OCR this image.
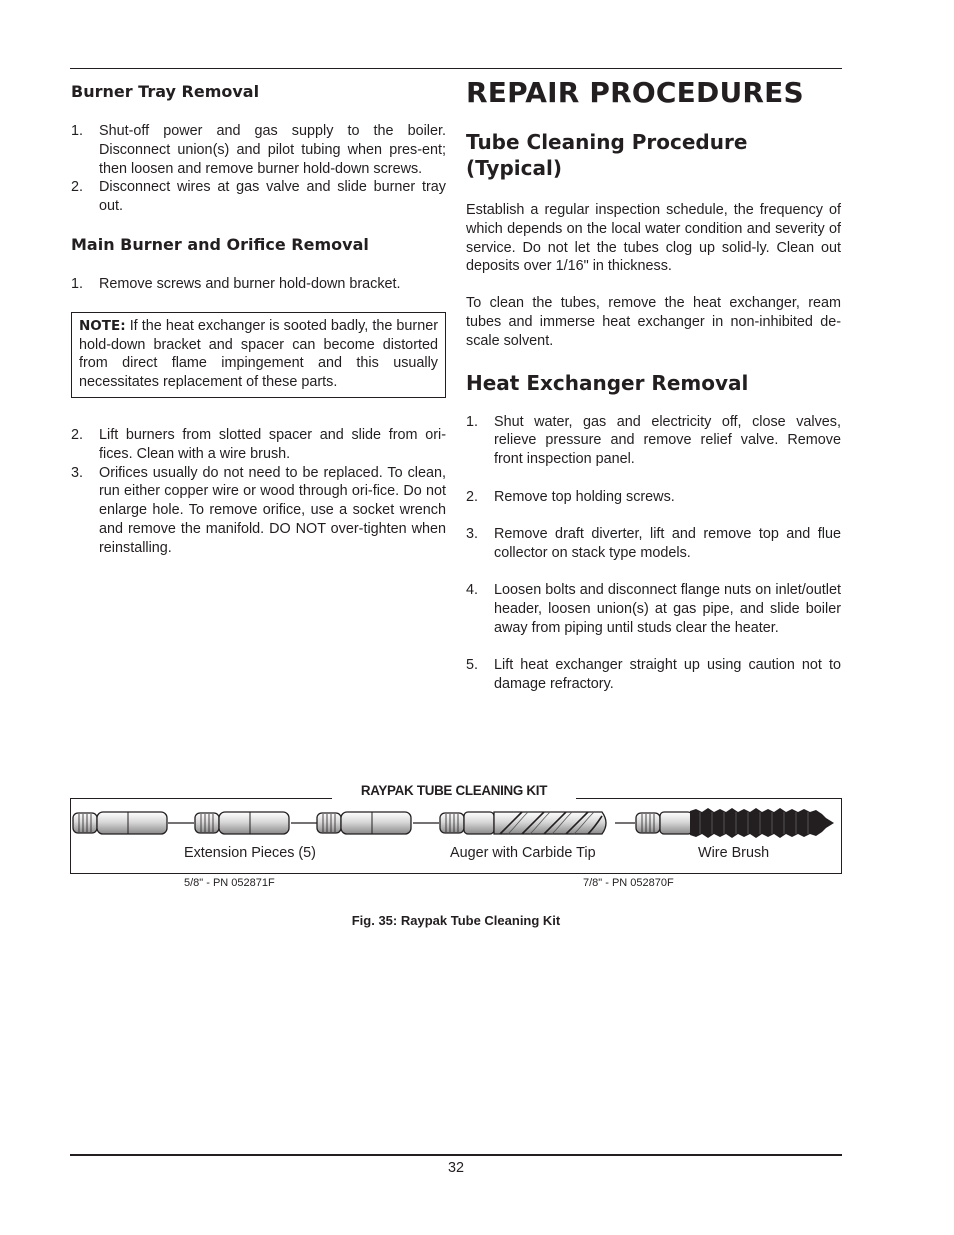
Burner Tray Removal
1. Shut-off power and gas supply to the boiler. Disconnect union(s) and pilot tubing when pres-ent; then loosen and remove burner hold-down screws.
2. Disconnect wires at gas valve and slide burner tray out.
Main Burner and Orifice Removal
1. Remove screws and burner hold-down bracket.
NOTE: If the heat exchanger is sooted badly, the burner hold-down bracket and spacer can become distorted from direct flame impingement and this usually necessitates replacement of these parts.
2. Lift burners from slotted spacer and slide from ori-fices. Clean with a wire brush.
3. Orifices usually do not need to be replaced. To clean, run either copper wire or wood through ori-fice. Do not enlarge hole. To remove orifice, use a socket wrench and remove the manifold. DO NOT over-tighten when reinstalling.
REPAIR PROCEDURES
Tube Cleaning Procedure (Typical)

Establish a regular inspection schedule, the frequency of which depends on the local water condition and severity of service. Do not let the tubes clog up solid-ly. Clean out deposits over 1/16" in thickness.

To clean the tubes, remove the heat exchanger, ream tubes and immerse heat exchanger in non-inhibited de-scale solvent.

Heat Exchanger Removal
1. Shut water, gas and electricity off, close valves, relieve pressure and remove relief valve. Remove front inspection panel.
2. Remove top holding screws.
3. Remove draft diverter, lift and remove top and flue collector on stack type models.
4. Loosen bolts and disconnect flange nuts on inlet/outlet header, loosen union(s) at gas pipe, and slide boiler away from piping until studs clear the heater.
5. Lift heat exchanger straight up using caution not to damage refractory.
RAYPAK TUBE CLEANING KIT
Extension Pieces (5)	Auger with Carbide Tip	Wire Brush
5/8" - PN 052871F	7/8" - PN 052870F
Fig. 35: Raypak Tube Cleaning Kit
32
